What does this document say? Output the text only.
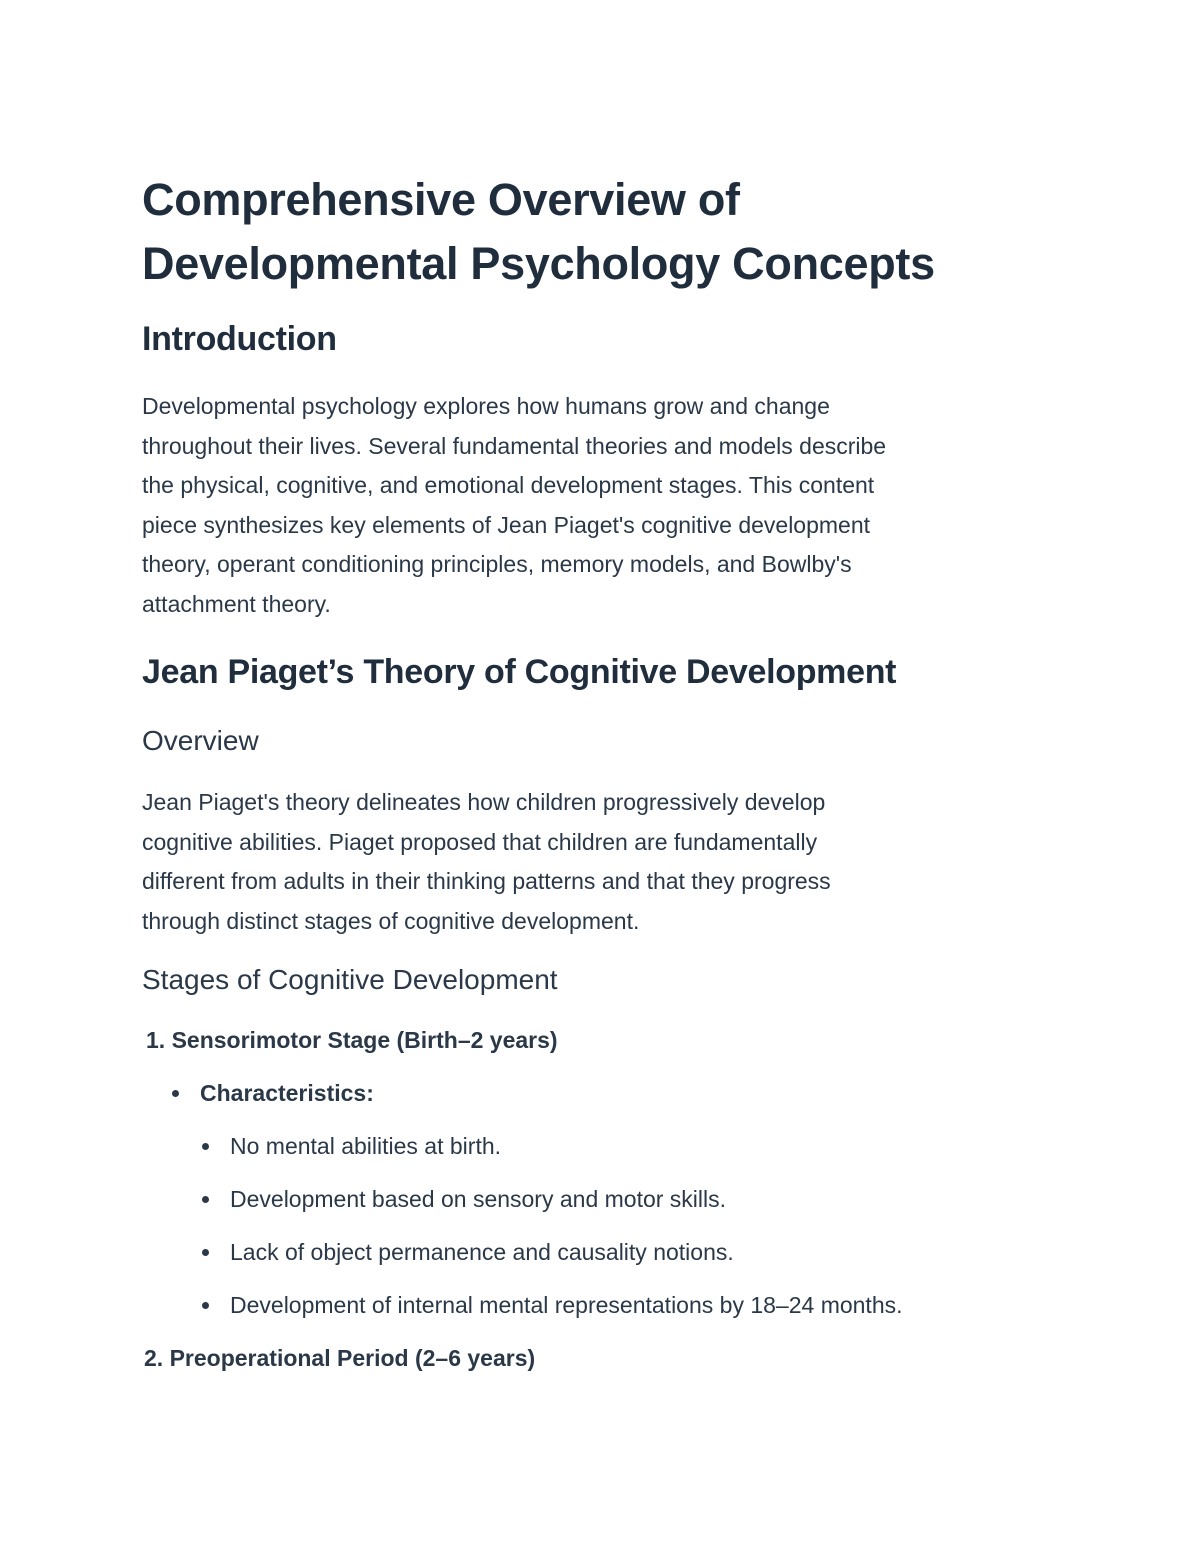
Comprehensive Overview of
Developmental Psychology Concepts
Introduction

Developmental psychology explores how humans grow and change
throughout their lives. Several fundamental theories and models describe
the physical, cognitive, and emotional development stages. This content
piece synthesizes key elements of Jean Piaget's cognitive development
theory, operant conditioning principles, memory models, and Bowlby's
attachment theory.

Jean Piaget’s Theory of Cognitive Development
Overview

Jean Piaget's theory delineates how children progressively develop
cognitive abilities. Piaget proposed that children are fundamentally
different from adults in their thinking patterns and that they progress
through distinct stages of cognitive development.

Stages of Cognitive Development
1. Sensorimotor Stage (Birth–2 years)
Characteristics:
No mental abilities at birth.
Development based on sensory and motor skills.
Lack of object permanence and causality notions.
Development of internal mental representations by 18–24 months.
2. Preoperational Period (2–6 years)
